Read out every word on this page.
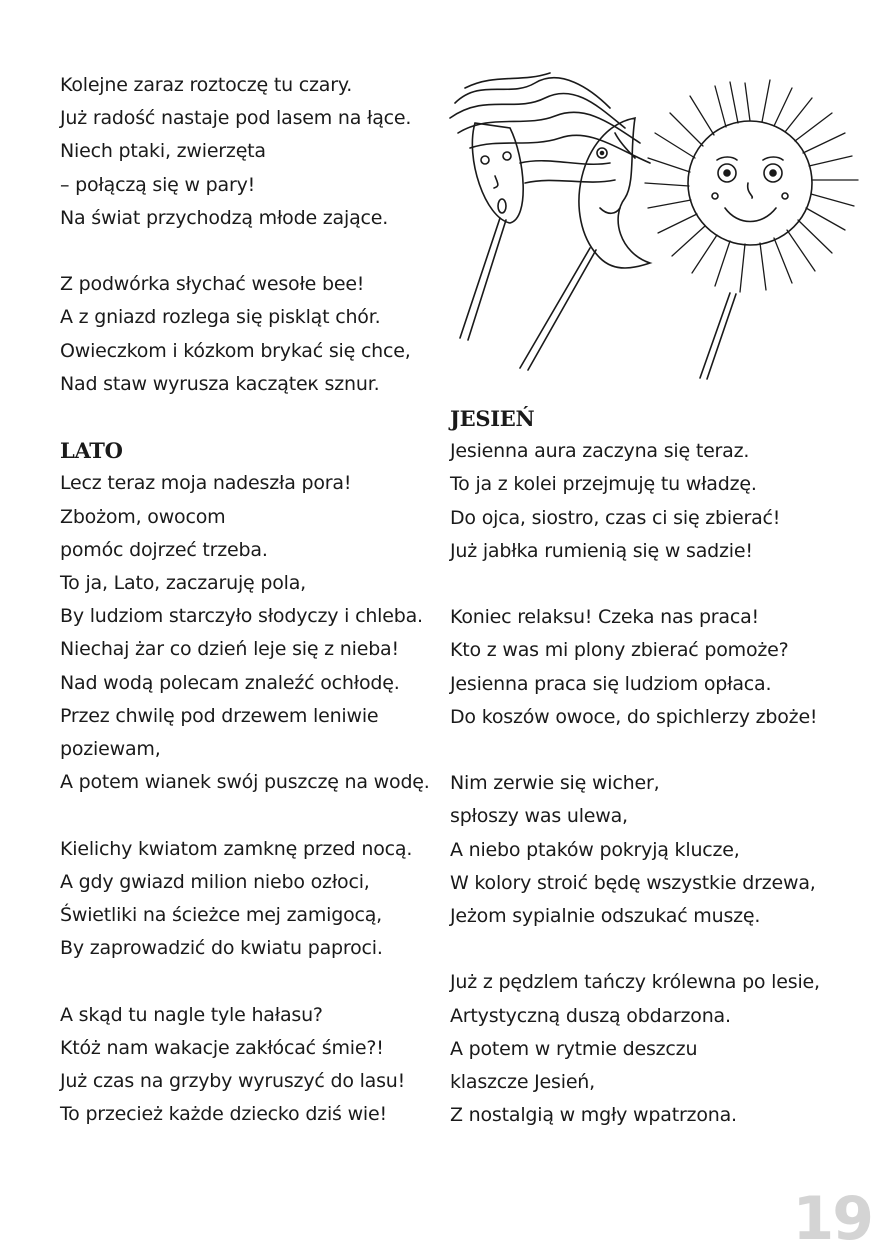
Kolejne zaraz roztoczę tu czary.
Już radość nastaje pod lasem na łące.
Niech ptaki, zwierzęta
– połączą się w pary!
Na świat przychodzą młode zające.
Z podwórka słychać wesołe bee!
A z gniazd rozlega się piskląt chór.
Owieczkom i kózkom brykać się chce,
Nad staw wyrusza kacząteк sznur.
LATO
Lecz teraz moja nadeszła pora!
Zbożom, owocom
pomóc dojrzeć trzeba.
To ja, Lato, zaczaruję pola,
By ludziom starczyło słodyczy i chleba.
Niechaj żar co dzień leje się z nieba!
Nad wodą polecam znaleźć ochłodę.
Przez chwilę pod drzewem leniwie
poziewam,
A potem wianek swój puszczę na wodę.
Kielichy kwiatom zamknę przed nocą.
A gdy gwiazd milion niebo ozłoci,
Świetliki na ścieżce mej zamigocą,
By zaprowadzić do kwiatu paproci.
A skąd tu nagle tyle hałasu?
Któż nam wakacje zakłócać śmie?!
Już czas na grzyby wyruszyć do lasu!
To przecież każde dziecko dziś wie!
JESIEŃ
Jesienna aura zaczyna się teraz.
To ja z kolei przejmuję tu władzę.
Do ojca, siostro, czas ci się zbierać!
Już jabłka rumienią się w sadzie!
Koniec relaksu! Czeka nas praca!
Kto z was mi plony zbierać pomoże?
Jesienna praca się ludziom opłaca.
Do koszów owoce, do spichlerzy zboże!
Nim zerwie się wicher,
spłoszy was ulewa,
A niebo ptaków pokryją klucze,
W kolory stroić będę wszystkie drzewa,
Jeżom sypialnie odszukać muszę.
Już z pędzlem tańczy królewna po lesie,
Artystyczną duszą obdarzona.
A potem w rytmie deszczu
klaszcze Jesień,
Z nostalgią w mgły wpatrzona.
19
